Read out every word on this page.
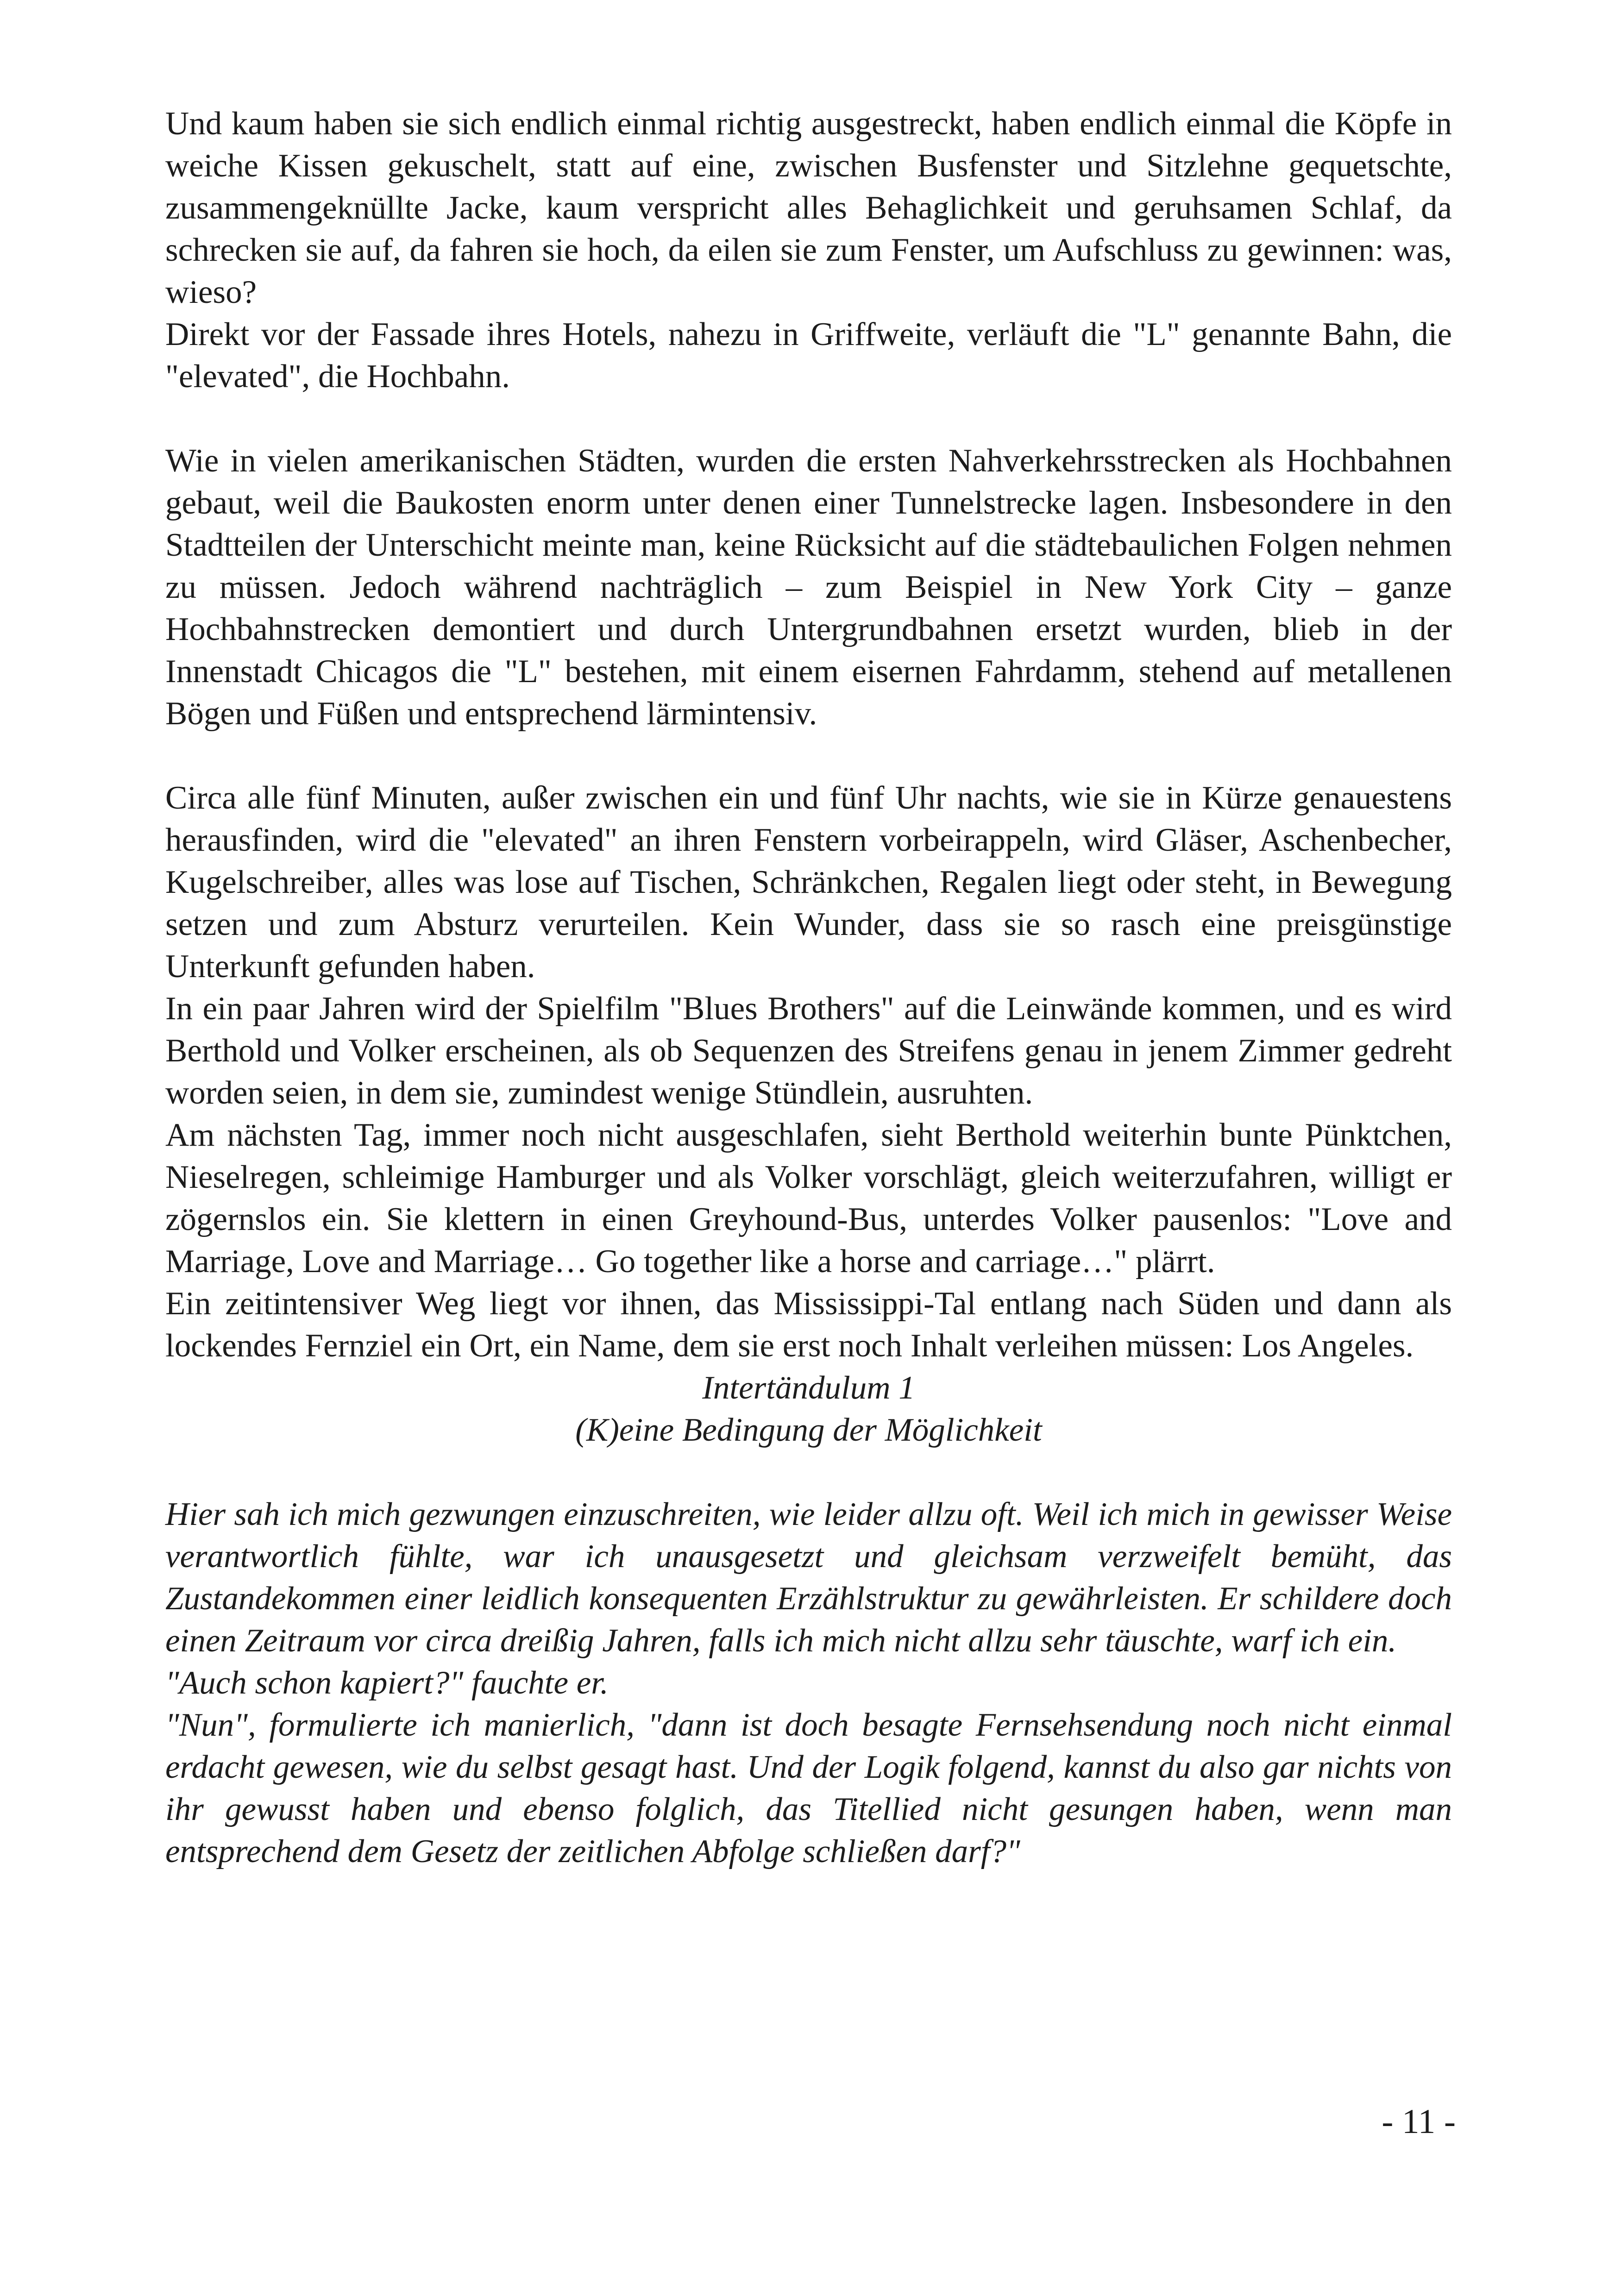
Und kaum haben sie sich endlich einmal richtig ausgestreckt, haben endlich einmal die Köpfe in weiche Kissen gekuschelt, statt auf eine, zwischen Busfenster und Sitzlehne gequetschte, zusammengeknüllte Jacke, kaum verspricht alles Behaglichkeit und geruhsamen Schlaf, da schrecken sie auf, da fahren sie hoch, da eilen sie zum Fenster, um Aufschluss zu gewinnen: was, wieso?

Direkt vor der Fassade ihres Hotels, nahezu in Griffweite, verläuft die "L" genannte Bahn, die "elevated", die Hochbahn.

Wie in vielen amerikanischen Städten, wurden die ersten Nahverkehrsstrecken als Hochbahnen gebaut, weil die Baukosten enorm unter denen einer Tunnelstrecke lagen. Insbesondere in den Stadtteilen der Unterschicht meinte man, keine Rücksicht auf die städtebaulichen Folgen nehmen zu müssen. Jedoch während nachträglich – zum Beispiel in New York City – ganze Hochbahnstrecken demontiert und durch Untergrundbahnen ersetzt wurden, blieb in der Innenstadt Chicagos die "L" bestehen, mit einem eisernen Fahrdamm, stehend auf metallenen Bögen und Füßen und entsprechend lärmintensiv.

Circa alle fünf Minuten, außer zwischen ein und fünf Uhr nachts, wie sie in Kürze genauestens herausfinden, wird die "elevated" an ihren Fenstern vorbeirappeln, wird Gläser, Aschenbecher, Kugelschreiber, alles was lose auf Tischen, Schränkchen, Regalen liegt oder steht, in Bewegung setzen und zum Absturz verurteilen. Kein Wunder, dass sie so rasch eine preisgünstige Unterkunft gefunden haben.

In ein paar Jahren wird der Spielfilm "Blues Brothers" auf die Leinwände kommen, und es wird Berthold und Volker erscheinen, als ob Sequenzen des Streifens genau in jenem Zimmer gedreht worden seien, in dem sie, zumindest wenige Stündlein, ausruhten.

Am nächsten Tag, immer noch nicht ausgeschlafen, sieht Berthold weiterhin bunte Pünktchen, Nieselregen, schleimige Hamburger und als Volker vorschlägt, gleich weiterzufahren, willigt er zögernslos ein. Sie klettern in einen Greyhound-Bus, unterdes Volker pausenlos: "Love and Marriage, Love and Marriage… Go together like a horse and carriage…" plärrt.

Ein zeitintensiver Weg liegt vor ihnen, das Mississippi-Tal entlang nach Süden und dann als lockendes Fernziel ein Ort, ein Name, dem sie erst noch Inhalt verleihen müssen: Los Angeles.

Intertändulum 1

(K)eine Bedingung der Möglichkeit

Hier sah ich mich gezwungen einzuschreiten, wie leider allzu oft. Weil ich mich in gewisser Weise verantwortlich fühlte, war ich unausgesetzt und gleichsam verzweifelt bemüht, das Zustandekommen einer leidlich konsequenten Erzählstruktur zu gewährleisten. Er schildere doch einen Zeitraum vor circa dreißig Jahren, falls ich mich nicht allzu sehr täuschte, warf ich ein.

"Auch schon kapiert?" fauchte er.

"Nun", formulierte ich manierlich, "dann ist doch besagte Fernsehsendung noch nicht einmal erdacht gewesen, wie du selbst gesagt hast. Und der Logik folgend, kannst du also gar nichts von ihr gewusst haben und ebenso folglich, das Titellied nicht gesungen haben, wenn man entsprechend dem Gesetz der zeitlichen Abfolge schließen darf?"

- 11 -
